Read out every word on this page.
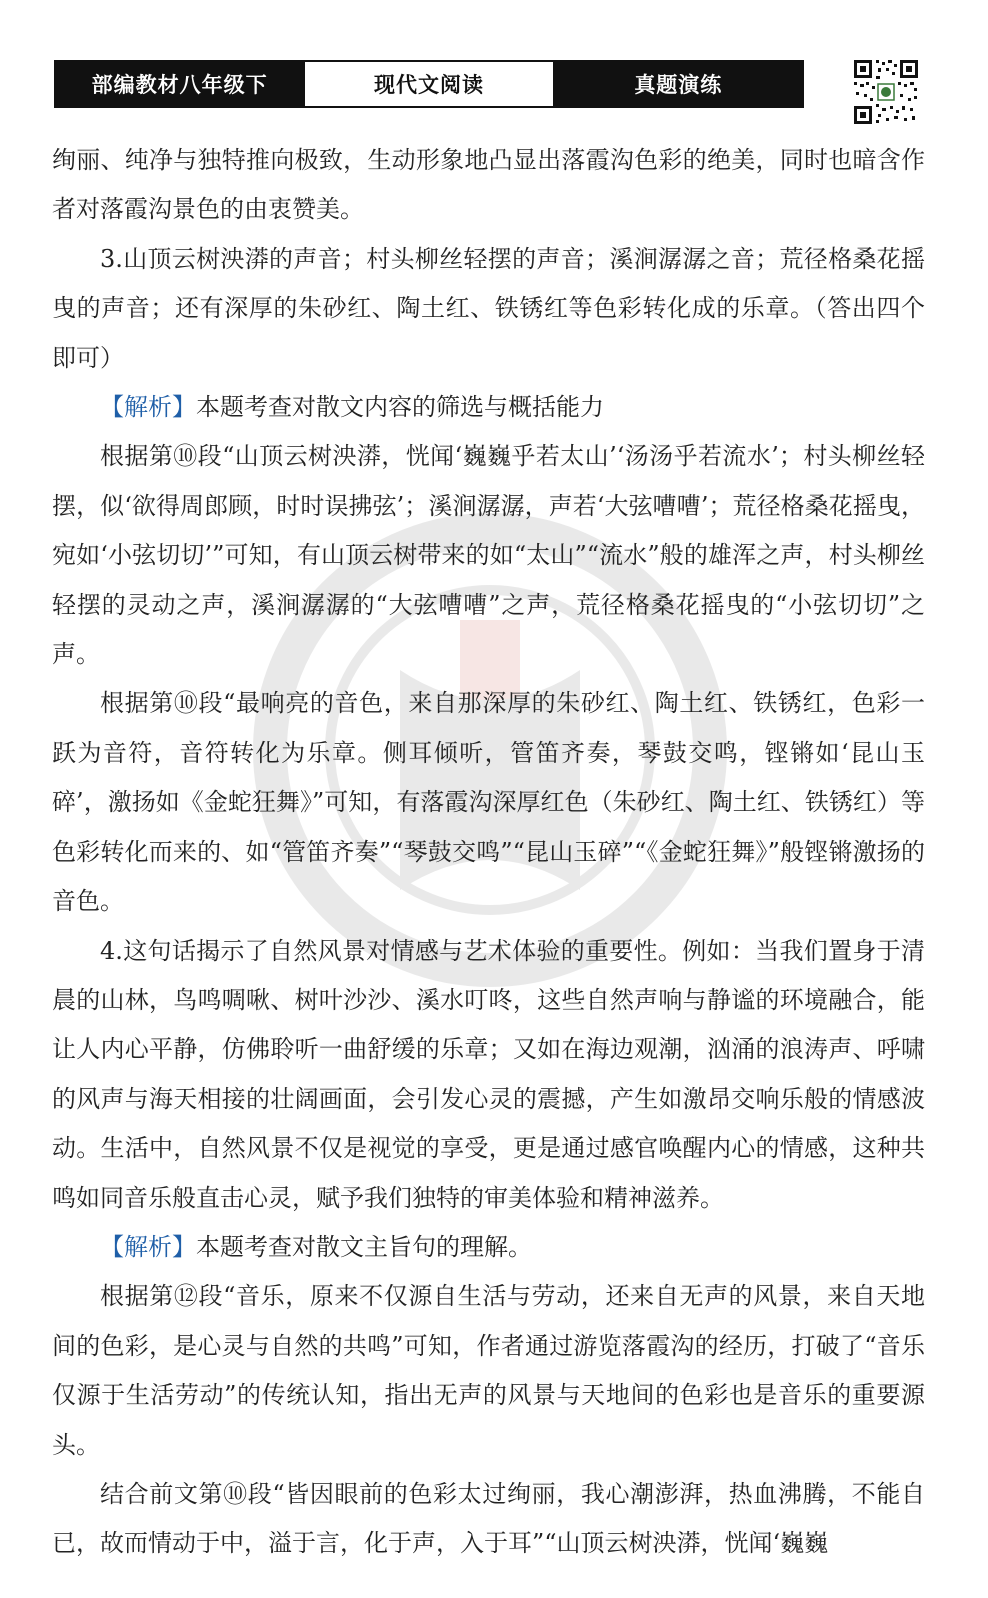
部编教材八年级下	现代文阅读	真题演练

绚丽、纯净与独特推向极致，生动形象地凸显出落霞沟色彩的绝美，同时也暗含作者对落霞沟景色的由衷赞美。

3.山顶云树泱漭的声音；村头柳丝轻摆的声音；溪涧潺潺之音；荒径格桑花摇曳的声音；还有深厚的朱砂红、陶土红、铁锈红等色彩转化成的乐章。（答出四个即可）

【解析】本题考查对散文内容的筛选与概括能力

根据第⑩段“山顶云树泱漭，恍闻‘巍巍乎若太山’‘汤汤乎若流水’；村头柳丝轻摆，似‘欲得周郎顾，时时误拂弦’；溪涧潺潺，声若‘大弦嘈嘈’；荒径格桑花摇曳，宛如‘小弦切切’”可知，有山顶云树带来的如“太山”“流水”般的雄浑之声，村头柳丝轻摆的灵动之声，溪涧潺潺的“大弦嘈嘈”之声，荒径格桑花摇曳的“小弦切切”之声。

根据第⑩段“最响亮的音色，来自那深厚的朱砂红、陶土红、铁锈红，色彩一跃为音符，音符转化为乐章。侧耳倾听，管笛齐奏，琴鼓交鸣，铿锵如‘昆山玉碎’，激扬如《金蛇狂舞》”可知，有落霞沟深厚红色（朱砂红、陶土红、铁锈红）等色彩转化而来的、如“管笛齐奏”“琴鼓交鸣”“昆山玉碎”“《金蛇狂舞》”般铿锵激扬的音色。

4.这句话揭示了自然风景对情感与艺术体验的重要性。例如：当我们置身于清晨的山林，鸟鸣啁啾、树叶沙沙、溪水叮咚，这些自然声响与静谧的环境融合，能让人内心平静，仿佛聆听一曲舒缓的乐章；又如在海边观潮，汹涌的浪涛声、呼啸的风声与海天相接的壮阔画面，会引发心灵的震撼，产生如激昂交响乐般的情感波动。生活中，自然风景不仅是视觉的享受，更是通过感官唤醒内心的情感，这种共鸣如同音乐般直击心灵，赋予我们独特的审美体验和精神滋养。

【解析】本题考查对散文主旨句的理解。

根据第⑫段“音乐，原来不仅源自生活与劳动，还来自无声的风景，来自天地间的色彩，是心灵与自然的共鸣”可知，作者通过游览落霞沟的经历，打破了“音乐仅源于生活劳动”的传统认知，指出无声的风景与天地间的色彩也是音乐的重要源头。

结合前文第⑩段“皆因眼前的色彩太过绚丽，我心潮澎湃，热血沸腾，不能自已，故而情动于中，溢于言，化于声，入于耳”“山顶云树泱漭，恍闻‘巍巍
